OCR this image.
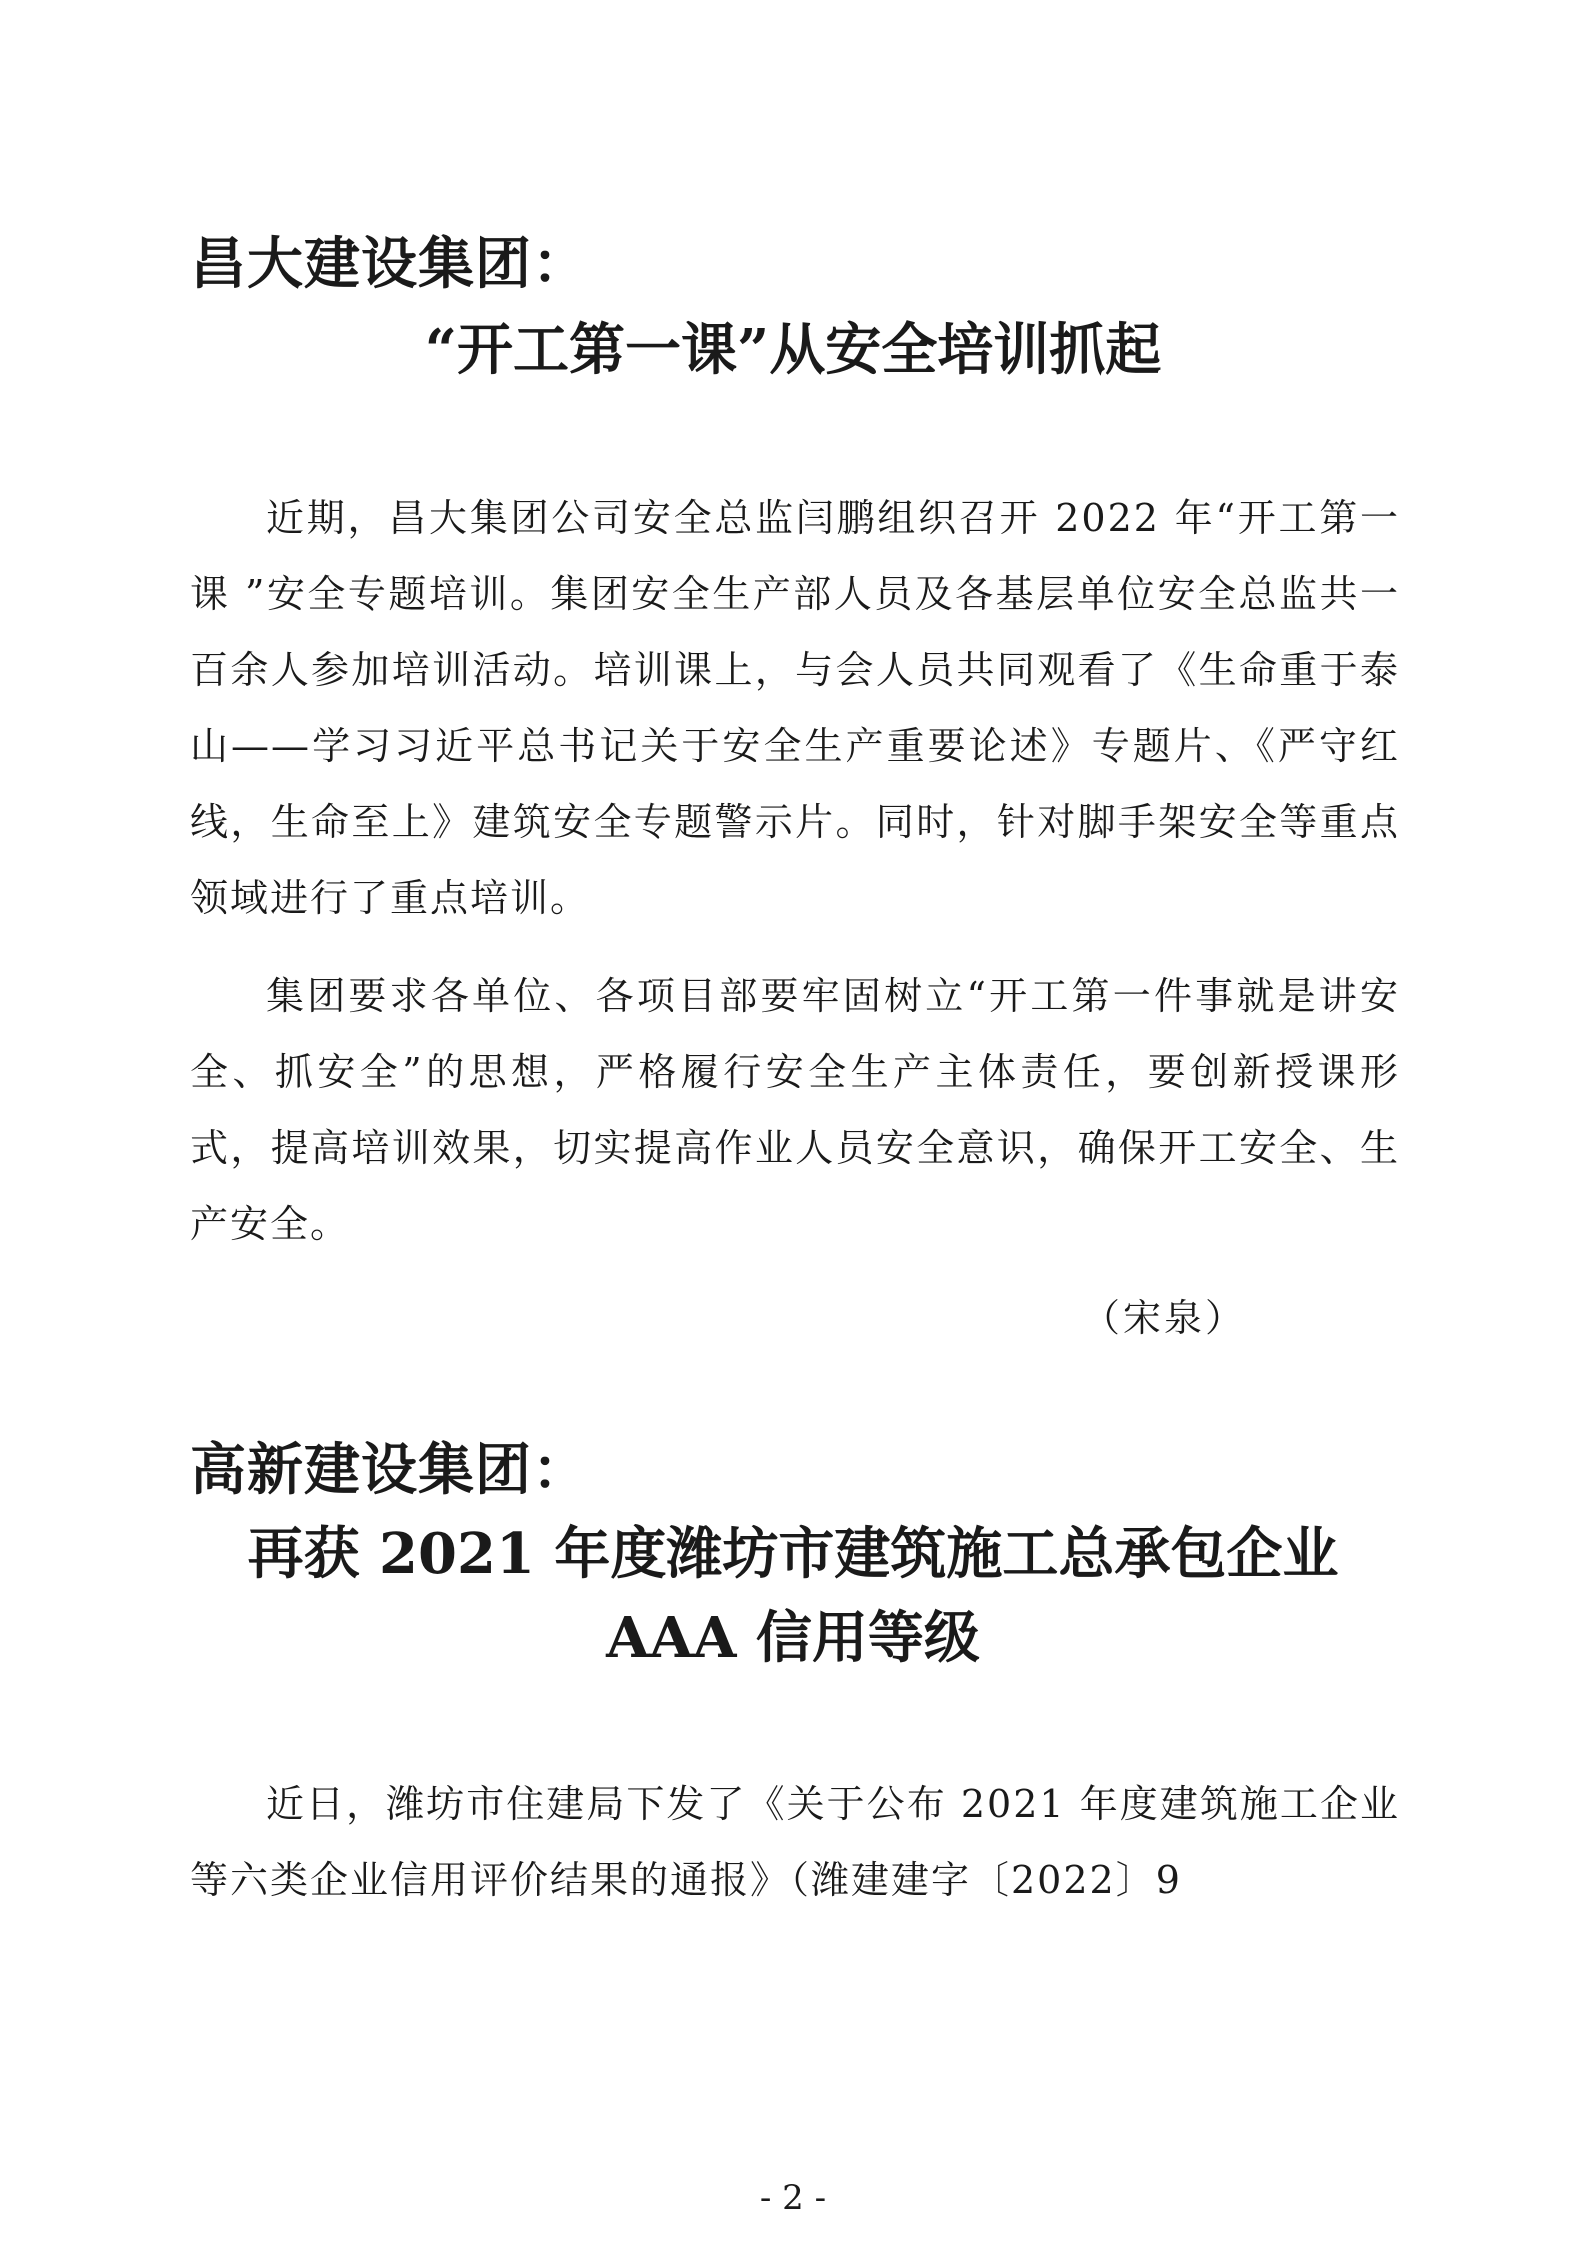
昌大建设集团：
“开工第一课”从安全培训抓起

近期，昌大集团公司安全总监闫鹏组织召开 2022 年“开工第一课 ”安全专题培训。集团安全生产部人员及各基层单位安全总监共一百余人参加培训活动。培训课上，与会人员共同观看了《生命重于泰山——学习习近平总书记关于安全生产重要论述》专题片、《严守红线，生命至上》建筑安全专题警示片。同时，针对脚手架安全等重点领域进行了重点培训。

集团要求各单位、各项目部要牢固树立“开工第一件事就是讲安全、抓安全”的思想，严格履行安全生产主体责任，要创新授课形式，提高培训效果，切实提高作业人员安全意识，确保开工安全、生产安全。

（宋泉）
高新建设集团：
再获 2021 年度潍坊市建筑施工总承包企业
AAA 信用等级

近日，潍坊市住建局下发了《关于公布 2021 年度建筑施工企业等六类企业信用评价结果的通报》（潍建建字〔2022〕9

- 2 -
